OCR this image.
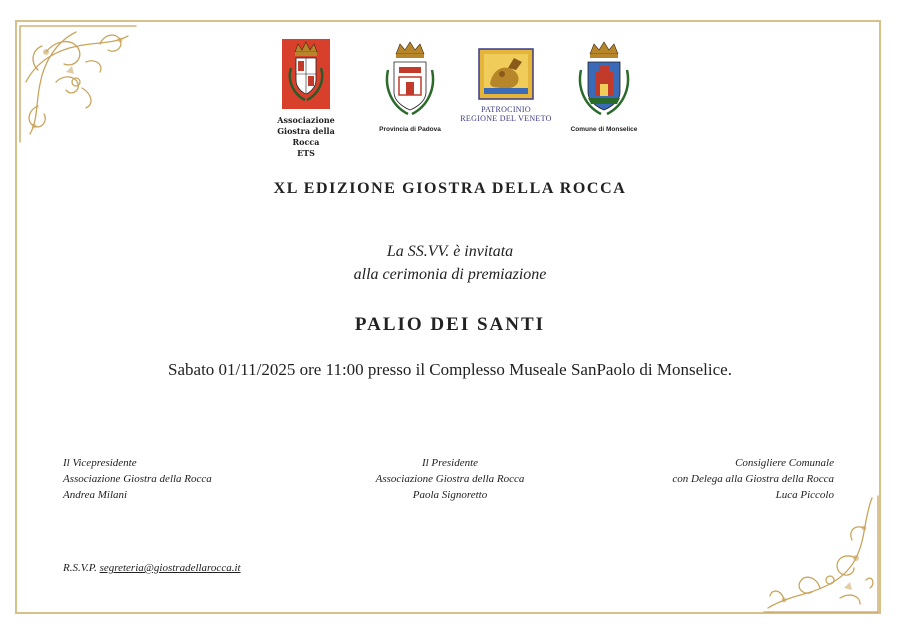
Associazione
Giostra della Rocca
ETS
Provincia di Padova
PATROCINIO
REGIONE DEL VENETO
Comune di Monselice
XL EDIZIONE GIOSTRA DELLA ROCCA
La SS.VV. è invitata
alla cerimonia di premiazione
PALIO DEI SANTI
Sabato 01/11/2025 ore 11:00 presso il Complesso Museale SanPaolo di Monselice.
Il Vicepresidente
Associazione Giostra della Rocca
Andrea Milani
Il Presidente
Associazione Giostra della Rocca
Paola Signoretto
Consigliere Comunale
con Delega alla Giostra della Rocca
Luca Piccolo
R.S.V.P. segreteria@giostradellarocca.it
